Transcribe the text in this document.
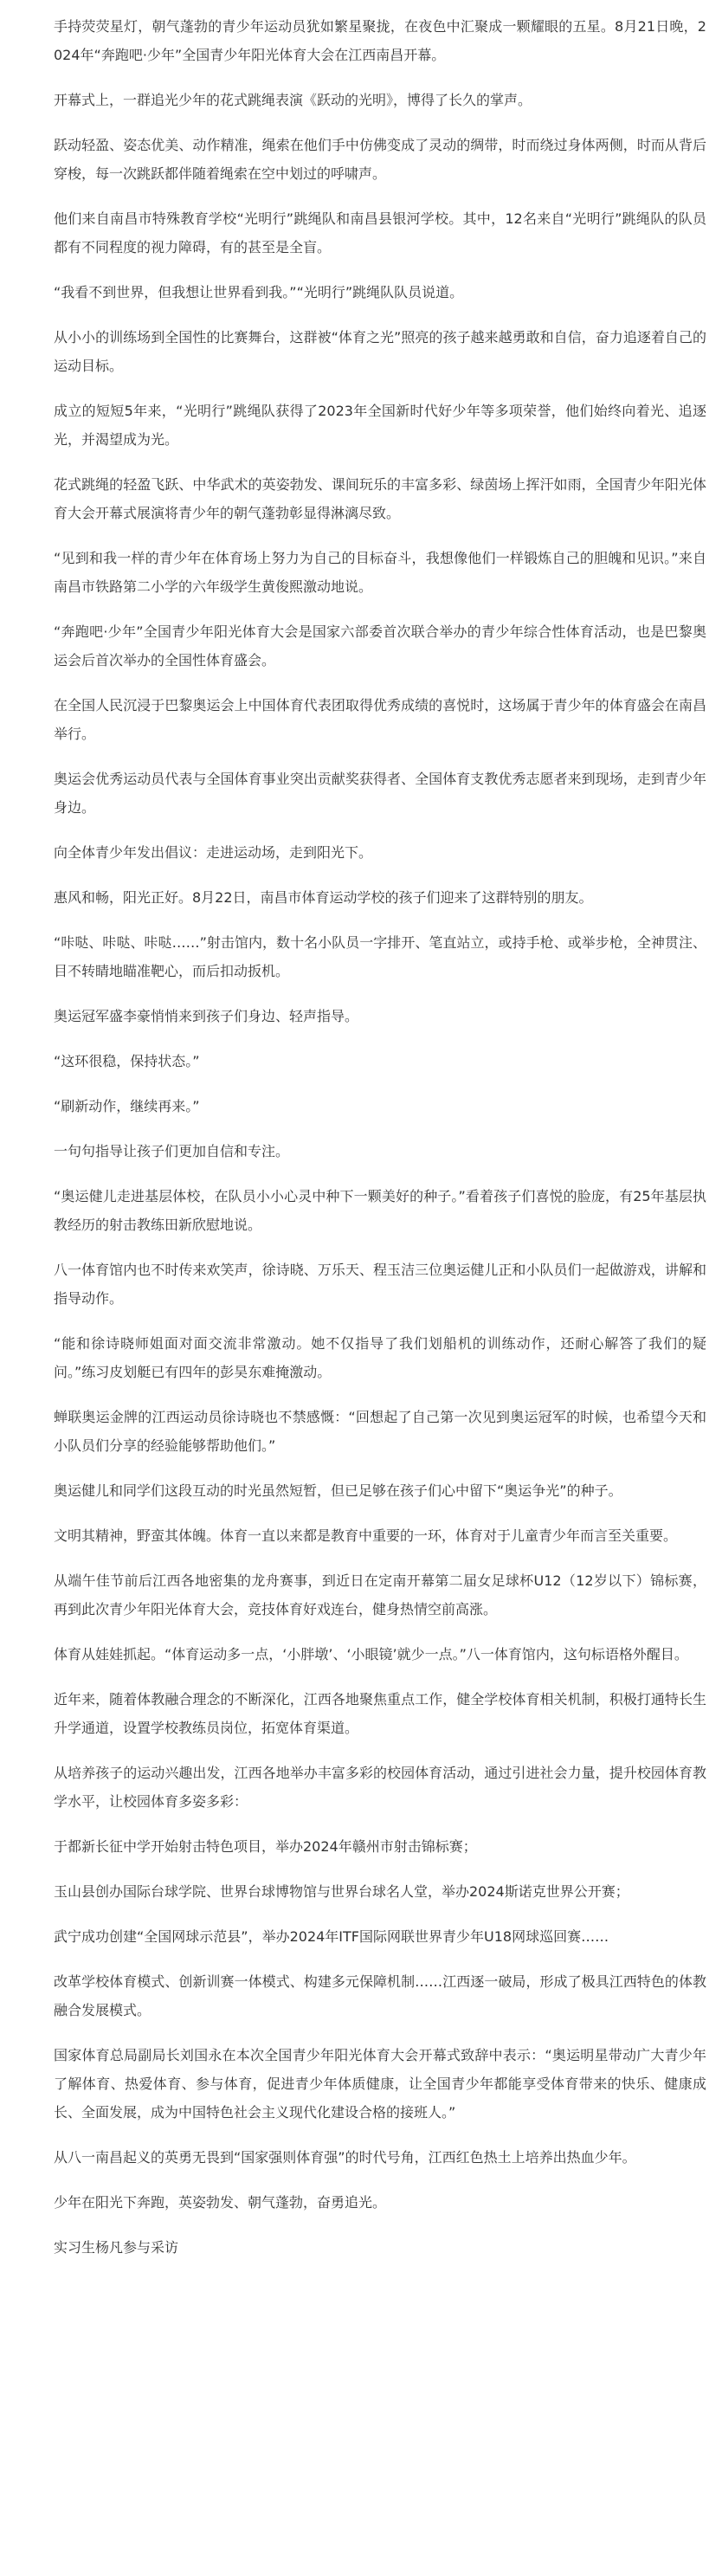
手持荧荧星灯，朝气蓬勃的青少年运动员犹如繁星聚拢，在夜色中汇聚成一颗耀眼的五星。8月21日晚，2024年“奔跑吧·少年”全国青少年阳光体育大会在江西南昌开幕。

开幕式上，一群追光少年的花式跳绳表演《跃动的光明》，博得了长久的掌声。

跃动轻盈、姿态优美、动作精准，绳索在他们手中仿佛变成了灵动的绸带，时而绕过身体两侧，时而从背后穿梭，每一次跳跃都伴随着绳索在空中划过的呼啸声。

他们来自南昌市特殊教育学校“光明行”跳绳队和南昌县银河学校。其中，12名来自“光明行”跳绳队的队员都有不同程度的视力障碍，有的甚至是全盲。

“我看不到世界，但我想让世界看到我。”“光明行”跳绳队队员说道。

从小小的训练场到全国性的比赛舞台，这群被“体育之光”照亮的孩子越来越勇敢和自信，奋力追逐着自己的运动目标。

成立的短短5年来，“光明行”跳绳队获得了2023年全国新时代好少年等多项荣誉，他们始终向着光、追逐光，并渴望成为光。

花式跳绳的轻盈飞跃、中华武术的英姿勃发、课间玩乐的丰富多彩、绿茵场上挥汗如雨，全国青少年阳光体育大会开幕式展演将青少年的朝气蓬勃彰显得淋漓尽致。

“见到和我一样的青少年在体育场上努力为自己的目标奋斗，我想像他们一样锻炼自己的胆魄和见识。”来自南昌市铁路第二小学的六年级学生黄俊熙激动地说。

“奔跑吧·少年”全国青少年阳光体育大会是国家六部委首次联合举办的青少年综合性体育活动，也是巴黎奥运会后首次举办的全国性体育盛会。

在全国人民沉浸于巴黎奥运会上中国体育代表团取得优秀成绩的喜悦时，这场属于青少年的体育盛会在南昌举行。

奥运会优秀运动员代表与全国体育事业突出贡献奖获得者、全国体育支教优秀志愿者来到现场，走到青少年身边。

向全体青少年发出倡议：走进运动场，走到阳光下。

惠风和畅，阳光正好。8月22日，南昌市体育运动学校的孩子们迎来了这群特别的朋友。

“咔哒、咔哒、咔哒……”射击馆内，数十名小队员一字排开、笔直站立，或持手枪、或举步枪，全神贯注、目不转睛地瞄准靶心，而后扣动扳机。

奥运冠军盛李豪悄悄来到孩子们身边、轻声指导。

“这环很稳，保持状态。”

“刷新动作，继续再来。”

一句句指导让孩子们更加自信和专注。

“奥运健儿走进基层体校，在队员小小心灵中种下一颗美好的种子。”看着孩子们喜悦的脸庞，有25年基层执教经历的射击教练田新欣慰地说。

八一体育馆内也不时传来欢笑声，徐诗晓、万乐天、程玉洁三位奥运健儿正和小队员们一起做游戏，讲解和指导动作。

“能和徐诗晓师姐面对面交流非常激动。她不仅指导了我们划船机的训练动作，还耐心解答了我们的疑问。”练习皮划艇已有四年的彭昊东难掩激动。

蝉联奥运金牌的江西运动员徐诗晓也不禁感慨：“回想起了自己第一次见到奥运冠军的时候，也希望今天和小队员们分享的经验能够帮助他们。”

奥运健儿和同学们这段互动的时光虽然短暂，但已足够在孩子们心中留下“奥运争光”的种子。

文明其精神，野蛮其体魄。体育一直以来都是教育中重要的一环，体育对于儿童青少年而言至关重要。

从端午佳节前后江西各地密集的龙舟赛事，到近日在定南开幕第二届女足球杯U12（12岁以下）锦标赛，再到此次青少年阳光体育大会，竞技体育好戏连台，健身热情空前高涨。

体育从娃娃抓起。“体育运动多一点，‘小胖墩’、‘小眼镜’就少一点。”八一体育馆内，这句标语格外醒目。

近年来，随着体教融合理念的不断深化，江西各地聚焦重点工作，健全学校体育相关机制，积极打通特长生升学通道，设置学校教练员岗位，拓宽体育渠道。

从培养孩子的运动兴趣出发，江西各地举办丰富多彩的校园体育活动，通过引进社会力量，提升校园体育教学水平，让校园体育多姿多彩：

于都新长征中学开始射击特色项目，举办2024年赣州市射击锦标赛；

玉山县创办国际台球学院、世界台球博物馆与世界台球名人堂，举办2024斯诺克世界公开赛；

武宁成功创建“全国网球示范县”，举办2024年ITF国际网联世界青少年U18网球巡回赛……

改革学校体育模式、创新训赛一体模式、构建多元保障机制……江西逐一破局，形成了极具江西特色的体教融合发展模式。

国家体育总局副局长刘国永在本次全国青少年阳光体育大会开幕式致辞中表示：“奥运明星带动广大青少年了解体育、热爱体育、参与体育，促进青少年体质健康，让全国青少年都能享受体育带来的快乐、健康成长、全面发展，成为中国特色社会主义现代化建设合格的接班人。”

从八一南昌起义的英勇无畏到“国家强则体育强”的时代号角，江西红色热土上培养出热血少年。

少年在阳光下奔跑，英姿勃发、朝气蓬勃，奋勇追光。

实习生杨凡参与采访
